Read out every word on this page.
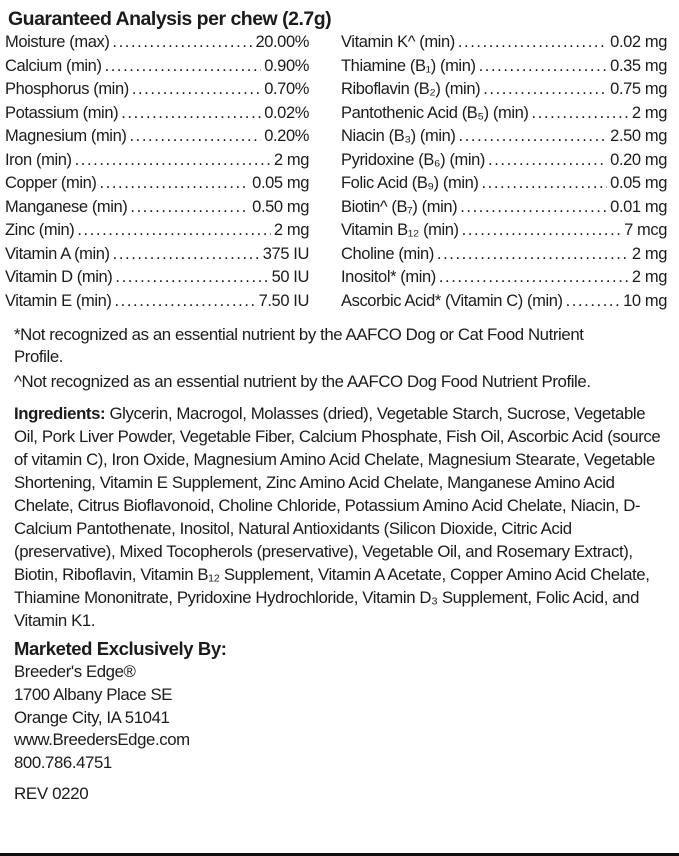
Guaranteed Analysis per chew (2.7g)
Moisture (max) .....	20.00%
Calcium (min) .....	0.90%
Phosphorus (min) .....	0.70%
Potassium (min) .....	0.02%
Magnesium (min) .....	0.20%
Iron (min) .....	2 mg
Copper (min) .....	0.05 mg
Manganese (min) .....	0.50 mg
Zinc (min) .....	2 mg
Vitamin A (min) .....	375 IU
Vitamin D (min) .....	50 IU
Vitamin E (min) .....	7.50 IU
Vitamin K^ (min) .....	0.02 mg
Thiamine (B₁) (min) .....	0.35 mg
Riboflavin (B₂) (min) .....	0.75 mg
Pantothenic Acid (B₅) (min) .....	2 mg
Niacin (B₃) (min) .....	2.50 mg
Pyridoxine (B₆) (min) .....	0.20 mg
Folic Acid (B₉) (min) .....	0.05 mg
Biotin^ (B₇) (min) .....	0.01 mg
Vitamin B₁₂ (min) .....	7 mcg
Choline (min) .....	2 mg
Inositol* (min) .....	2 mg
Ascorbic Acid* (Vitamin C) (min) .....	10 mg
*Not recognized as an essential nutrient by the AAFCO Dog or Cat Food Nutrient Profile.
^Not recognized as an essential nutrient by the AAFCO Dog Food Nutrient Profile.

Ingredients: Glycerin, Macrogol, Molasses (dried), Vegetable Starch, Sucrose, Vegetable Oil, Pork Liver Powder, Vegetable Fiber, Calcium Phosphate, Fish Oil, Ascorbic Acid (source of vitamin C), Iron Oxide, Magnesium Amino Acid Chelate, Magnesium Stearate, Vegetable Shortening, Vitamin E Supplement, Zinc Amino Acid Chelate, Manganese Amino Acid Chelate, Citrus Bioflavonoid, Choline Chloride, Potassium Amino Acid Chelate, Niacin, D-Calcium Pantothenate, Inositol, Natural Antioxidants (Silicon Dioxide, Citric Acid (preservative), Mixed Tocopherols (preservative), Vegetable Oil, and Rosemary Extract), Biotin, Riboflavin, Vitamin B₁₂ Supplement, Vitamin A Acetate, Copper Amino Acid Chelate, Thiamine Mononitrate, Pyridoxine Hydrochloride, Vitamin D₃ Supplement, Folic Acid, and Vitamin K1.

Marketed Exclusively By:
Breeder's Edge®
1700 Albany Place SE
Orange City, IA 51041
www.BreedersEdge.com
800.786.4751
REV 0220
